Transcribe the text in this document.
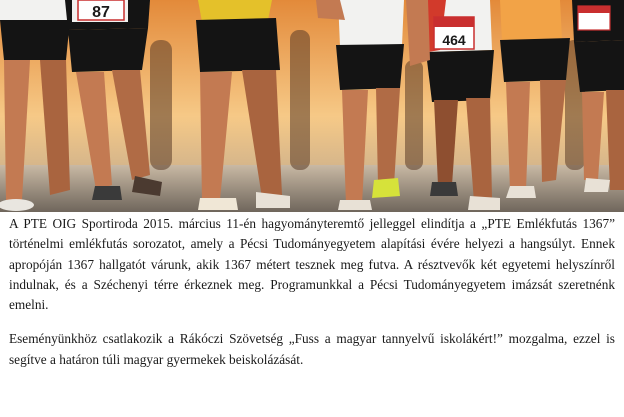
87
464

A PTE OIG Sportiroda 2015. március 11-én hagyományteremtő jelleggel elindítja a „PTE Emlékfutás 1367” történelmi emlékfutás sorozatot, amely a Pécsi Tudományegyetem alapítási évére helyezi a hangsúlyt. Ennek apropóján 1367 hallgatót várunk, akik 1367 métert tesznek meg futva. A résztvevők két egyetemi helyszínről indulnak, és a Széchenyi térre érkeznek meg. Programunkkal a Pécsi Tudományegyetem imázsát szeretnénk emelni.

Eseményünkhöz csatlakozik a Rákóczi Szövetség „Fuss a magyar tannyelvű iskolákért!” mozgalma, ezzel is segítve a határon túli magyar gyermekek beiskolázását.
